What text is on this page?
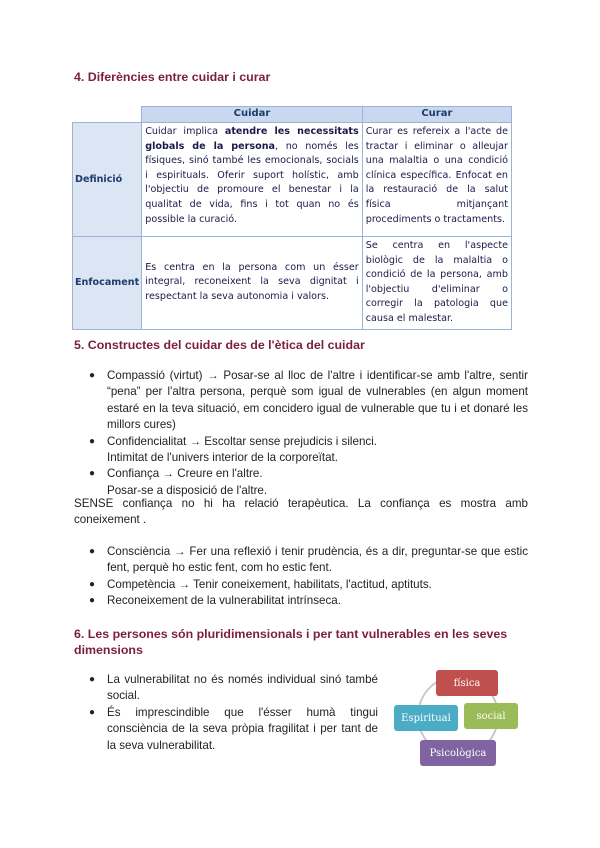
4. Diferències entre cuidar i curar
	Cuidar	Curar
Definició	Cuidar implica atendre les necessitats globals de la persona, no només les físiques, sinó també les emocionals, socials i espirituals. Oferir suport holístic, amb l'objectiu de promoure el benestar i la qualitat de vida, fins i tot quan no és possible la curació.	Curar es refereix a l'acte de tractar i eliminar o alleujar una malaltia o una condició clínica específica. Enfocat en la restauració de la salut física mitjançant procediments o tractaments.
Enfocament	Es centra en la persona com un ésser integral, reconeixent la seva dignitat i respectant la seva autonomia i valors.	Se centra en l'aspecte biològic de la malaltia o condició de la persona, amb l'objectiu d'eliminar o corregir la patologia que causa el malestar.
5. Constructes del cuidar des de l'ètica del cuidar
● Compassió (virtut) → Posar-se al lloc de l'altre i identificar-se amb l'altre, sentir “pena” per l'altra persona, perquè som igual de vulnerables (en algun moment estaré en la teva situació, em concidero igual de vulnerable que tu i et donaré les millors cures)
● Confidencialitat → Escoltar sense prejudicis i silenci.
Intimitat de l'univers interior de la corporeïtat.
● Confiança → Creure en l'altre.
Posar-se a disposició de l'altre.

SENSE confiança no hi ha relació terapèutica. La confiança es mostra amb coneixement .

● Consciència → Fer una reflexió i tenir prudència, és a dir, preguntar-se que estic fent, perquè ho estic fent, com ho estic fent.
● Competència → Tenir coneixement, habilitats, l'actitud, aptituts.
● Reconeixement de la vulnerabilitat intrínseca.
6. Les persones són pluridimensionals i per tant vulnerables en les seves dimensions
● La vulnerabilitat no és només individual sinó també social.
● És imprescindible que l'ésser humà tingui consciència de la seva pròpia fragilitat i per tant de la seva vulnerabilitat.
física
social
Psicològica
Espiritual
